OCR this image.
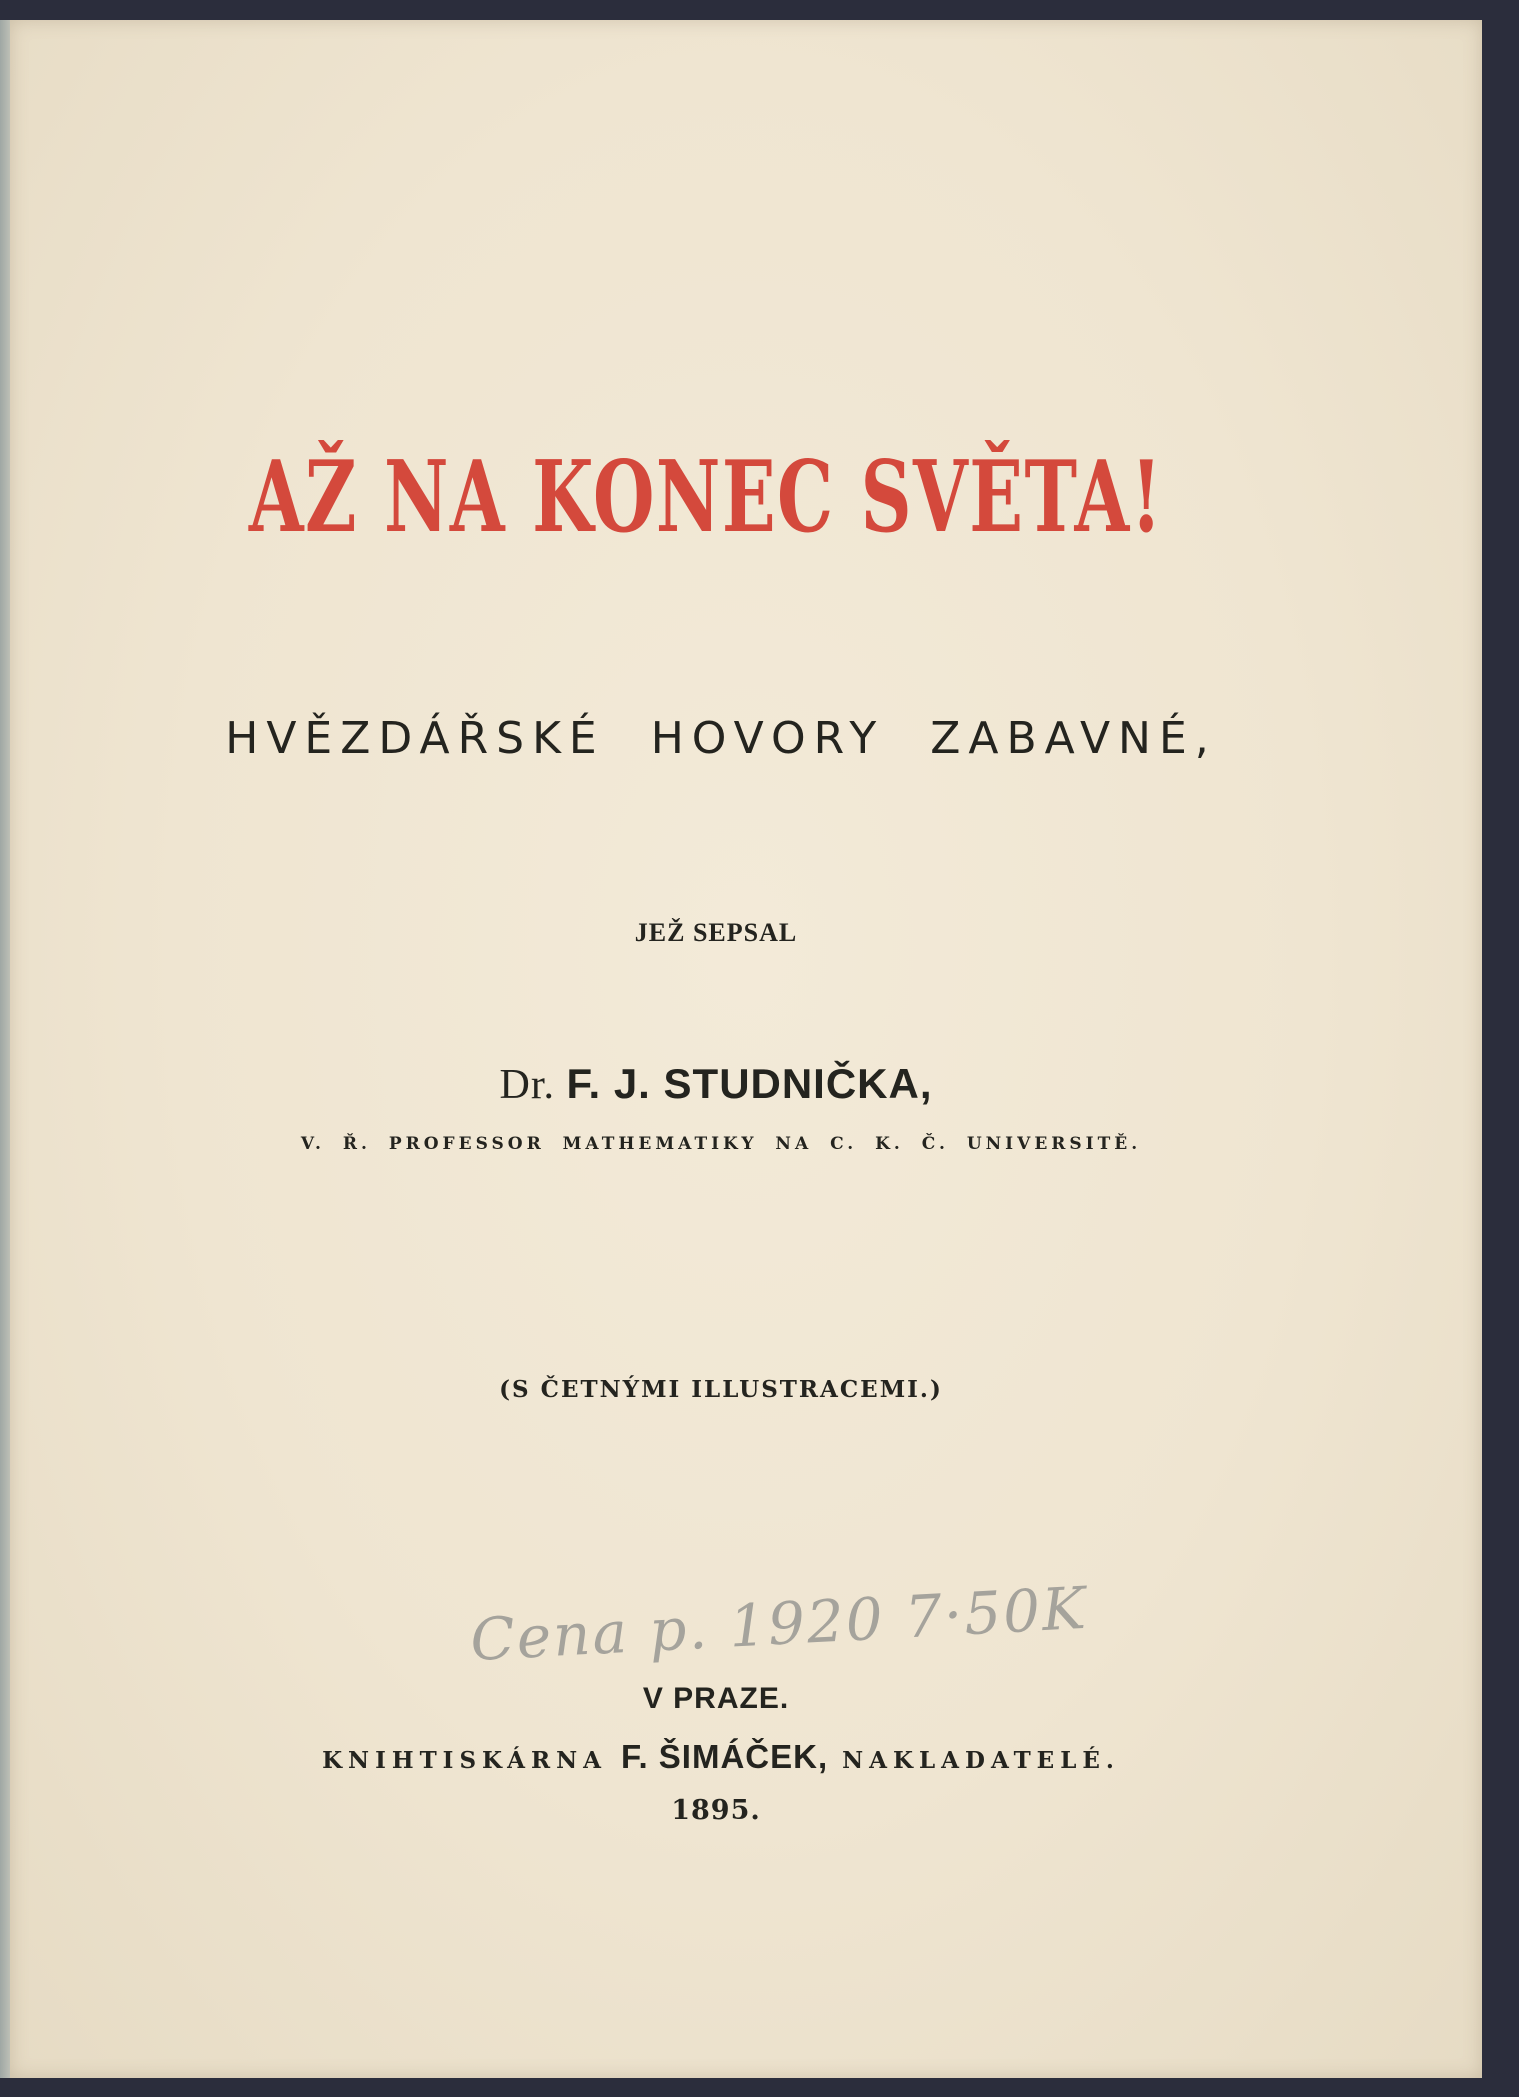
AŽ NA KONEC SVĚTA!
HVĚZDÁŘSKÉ HOVORY ZABAVNÉ,
JEŽ SEPSAL
Dr. F. J. STUDNIČKA,
V. Ř. PROFESSOR MATHEMATIKY NA C. K. Č. UNIVERSITĚ.
(S ČETNÝMI ILLUSTRACEMI.)
Cena p. 1920 7·50K
V PRAZE.
KNIHTISKÁRNA F. ŠIMÁČEK, NAKLADATELÉ.
1895.
